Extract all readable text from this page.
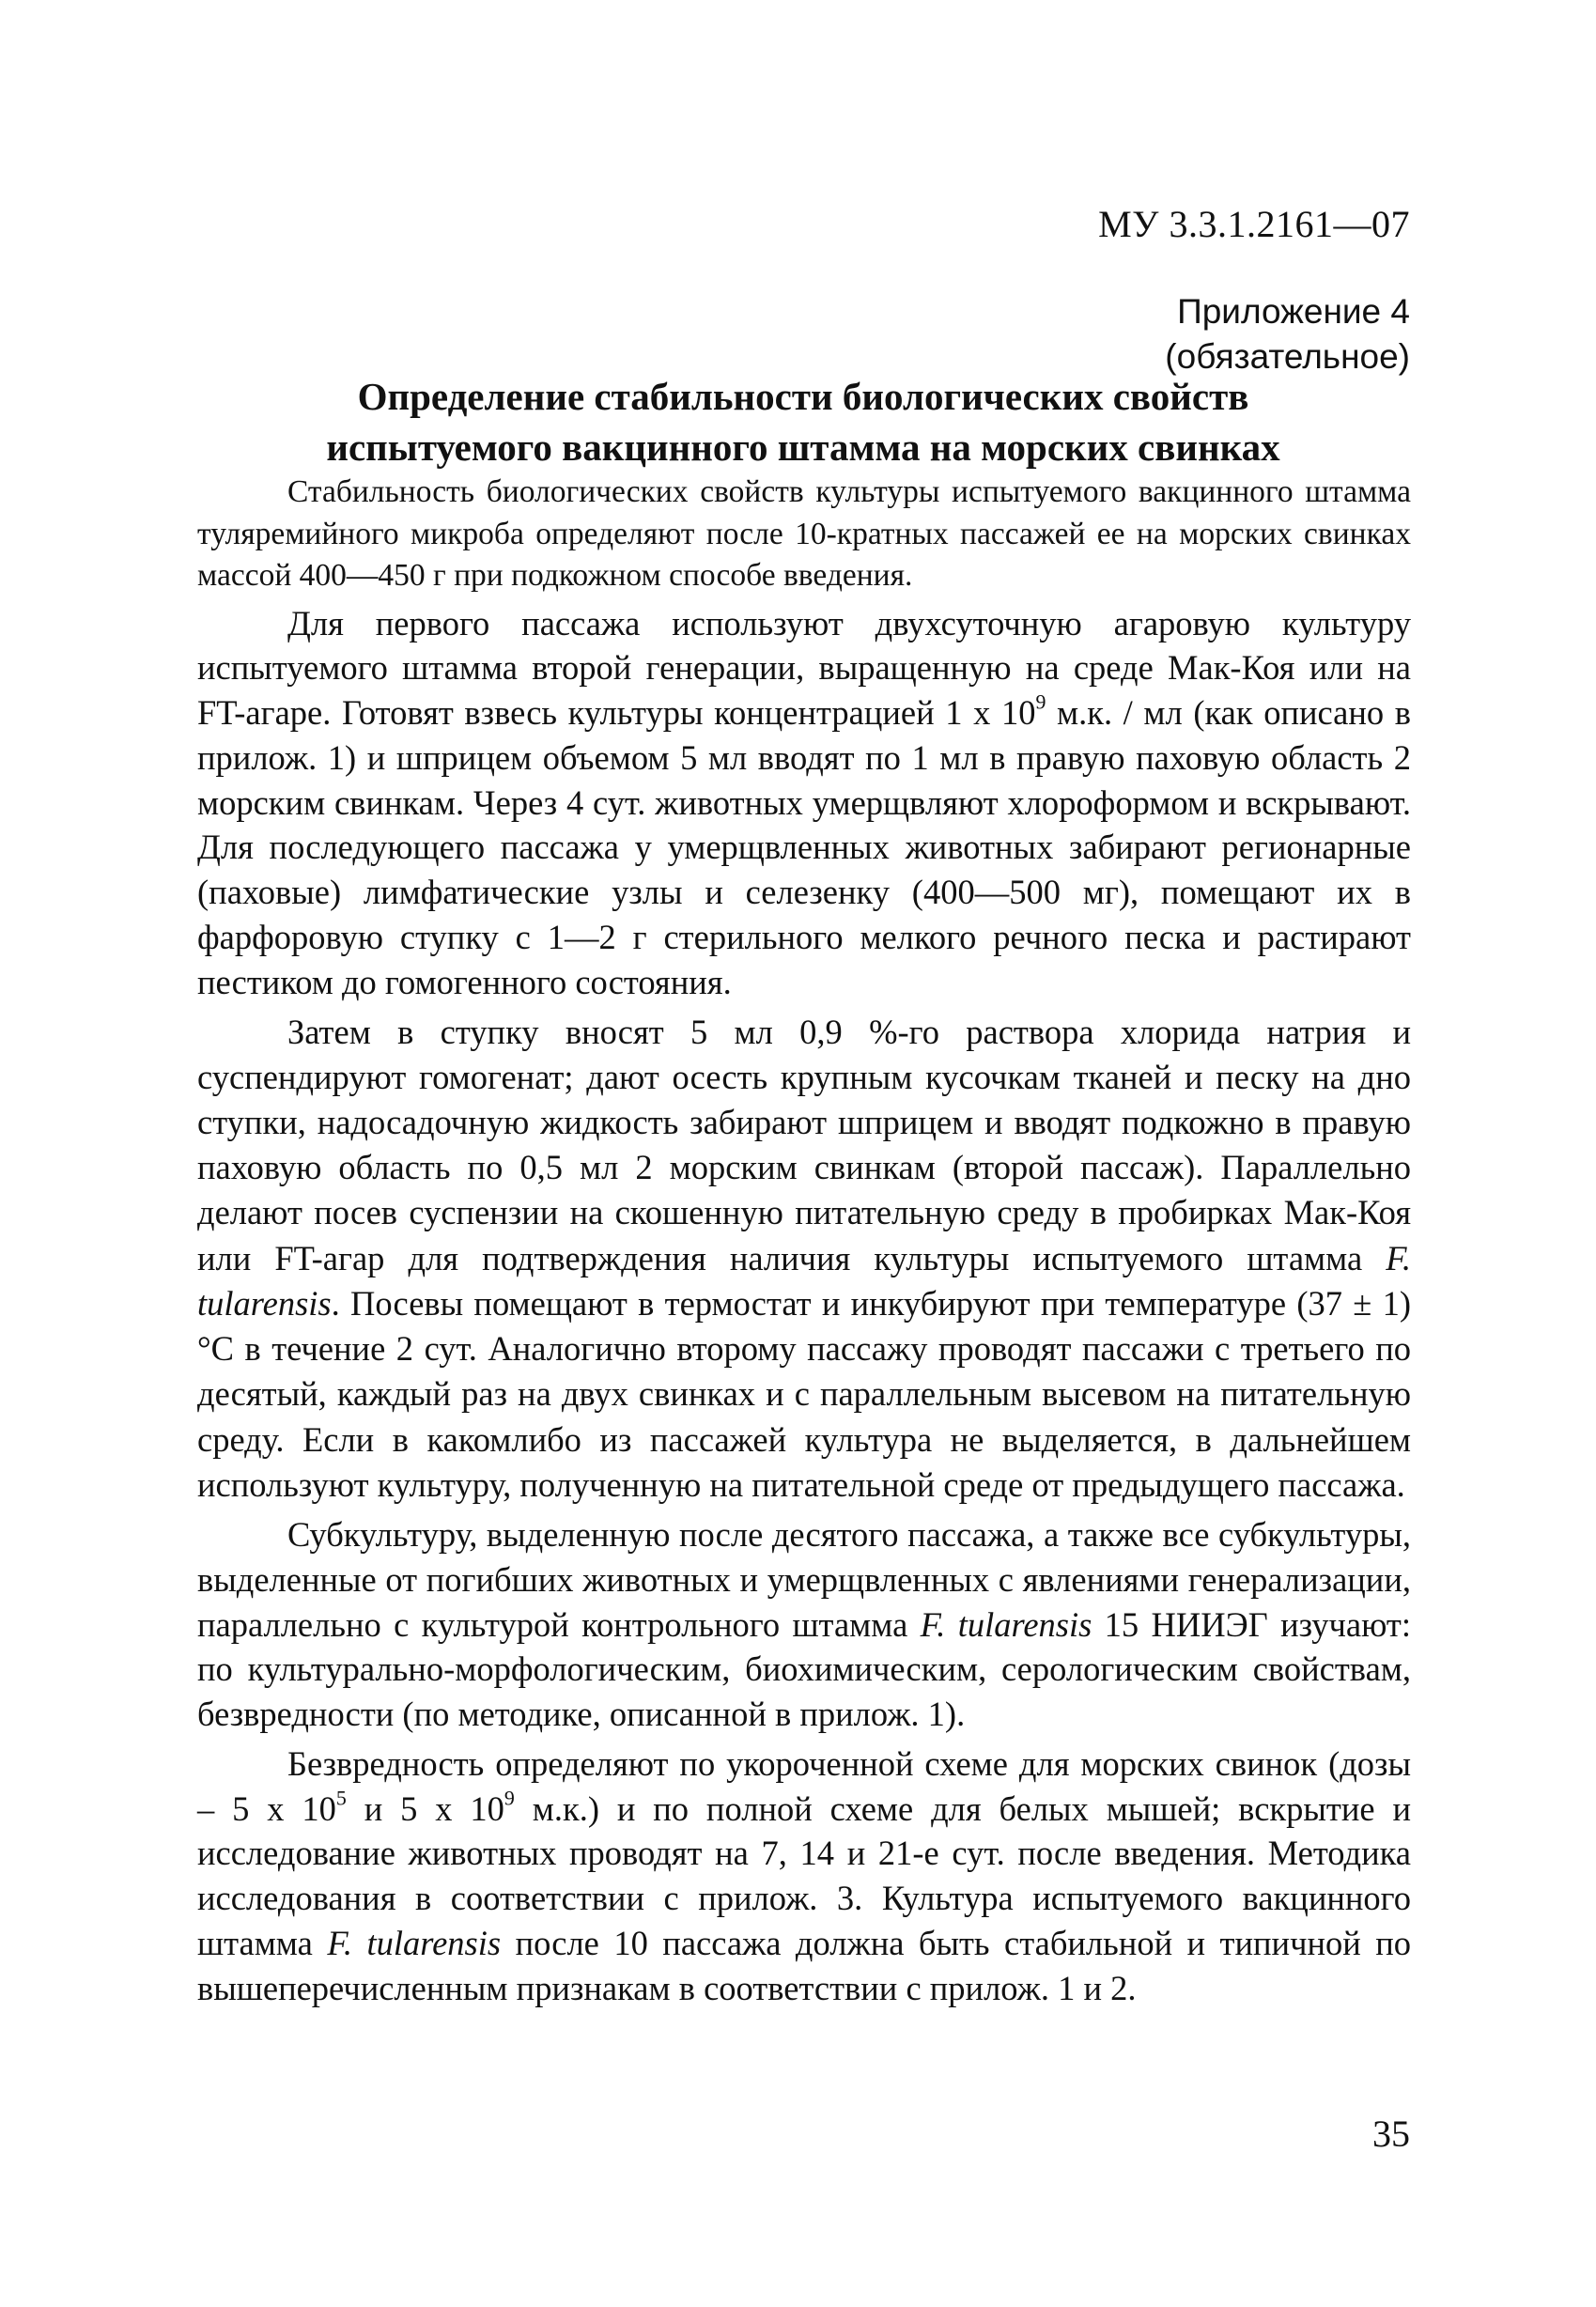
МУ 3.3.1.2161—07
Приложение 4
(обязательное)
Определение стабильности биологических свойств
испытуемого вакцинного штамма на морских свинках

Стабильность биологических свойств культуры испытуемого вакцинного штамма туляремийного микроба определяют после 10-кратных пассажей ее на морских свинках массой 400—450 г при подкожном способе введения.

Для первого пассажа используют двухсуточную агаровую культуру испытуемого штамма второй генерации, выращенную на среде Мак-Коя или на FT-агаре. Готовят взвесь культуры концентрацией 1 х $10^9$ м.к. / мл (как описано в прилож. 1) и шприцем объемом 5 мл вводят по 1 мл в правую паховую область 2 морским свинкам. Через 4 сут. животных умерщвляют хлороформом и вскрывают. Для последующего пассажа у умерщвленных животных забирают регионарные (паховые) лимфатические узлы и селезенку (400—500 мг), помещают их в фарфоровую ступку с 1—2 г стерильного мелкого речного песка и растирают пестиком до гомогенного состояния.

Затем в ступку вносят 5 мл 0,9 %-го раствора хлорида натрия и суспендируют гомогенат; дают осесть крупным кусочкам тканей и песку на дно ступки, надосадочную жидкость забирают шприцем и вводят подкожно в правую паховую область по 0,5 мл 2 морским свинкам (второй пассаж). Параллельно делают посев суспензии на скошенную питательную среду в пробирках Мак-Коя или FT-агар для подтверждения наличия культуры испытуемого штамма F. tularensis. Посевы помещают в термостат и инкубируют при температуре (37 ± 1) °С в течение 2 сут. Аналогично второму пассажу проводят пассажи с третьего по десятый, каждый раз на двух свинках и с параллельным высевом на питательную среду. Если в какомлибо из пассажей культура не выделяется, в дальнейшем используют культуру, полученную на питательной среде от предыдущего пассажа.

Субкультуру, выделенную после десятого пассажа, а также все субкультуры, выделенные от погибших животных и умерщвленных с явлениями генерализации, параллельно с культурой контрольного штамма F. tularensis 15 НИИЭГ изучают: по культурально-морфологическим, биохимическим, серологическим свойствам, безвредности (по методике, описанной в прилож. 1).

Безвредность определяют по укороченной схеме для морских свинок (дозы – 5 х $10^5$ и 5 х $10^9$ м.к.) и по полной схеме для белых мышей; вскрытие и исследование животных проводят на 7, 14 и 21-е сут. после введения. Методика исследования в соответствии с прилож. 3. Культура испытуемого вакцинного штамма F. tularensis после 10 пассажа должна быть стабильной и типичной по вышеперечисленным признакам в соответствии с прилож. 1 и 2.

35
